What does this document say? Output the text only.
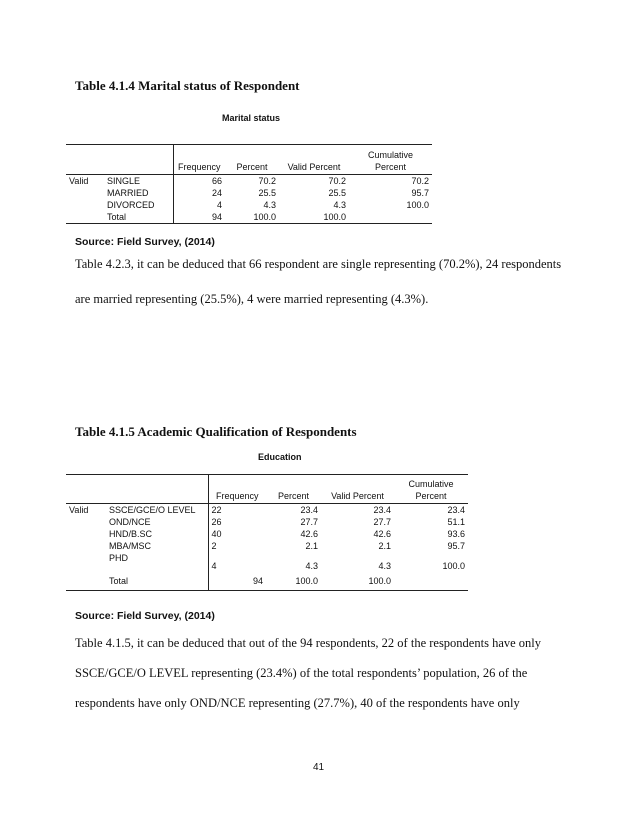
Table 4.1.4 Marital status of Respondent
Marital status
		Frequency	Percent	Valid Percent	Cumulative
Percent
Valid	SINGLE	66	70.2	70.2	70.2
	MARRIED	24	25.5	25.5	95.7
	DIVORCED	4	4.3	4.3	100.0
	Total	94	100.0	100.0	
Source: Field Survey, (2014)
Table 4.2.3, it can be deduced that 66 respondent are single representing (70.2%), 24 respondents
are married representing (25.5%), 4 were married representing (4.3%).
Table 4.1.5 Academic Qualification of Respondents
Education
		Frequency	Percent	Valid Percent	Cumulative
Percent
Valid	SSCE/GCE/O LEVEL	22	23.4	23.4	23.4
	OND/NCE	26	27.7	27.7	51.1
	HND/B.SC	40	42.6	42.6	93.6
	MBA/MSC	2	2.1	2.1	95.7
	PHD	4	4.3	4.3	100.0
	Total	94	100.0	100.0	
Source: Field Survey, (2014)
Table 4.1.5, it can be deduced that out of the 94 respondents, 22 of the respondents have only
SSCE/GCE/O LEVEL representing (23.4%) of the total respondents’ population, 26 of the
respondents have only OND/NCE representing (27.7%), 40 of the respondents have only
41
